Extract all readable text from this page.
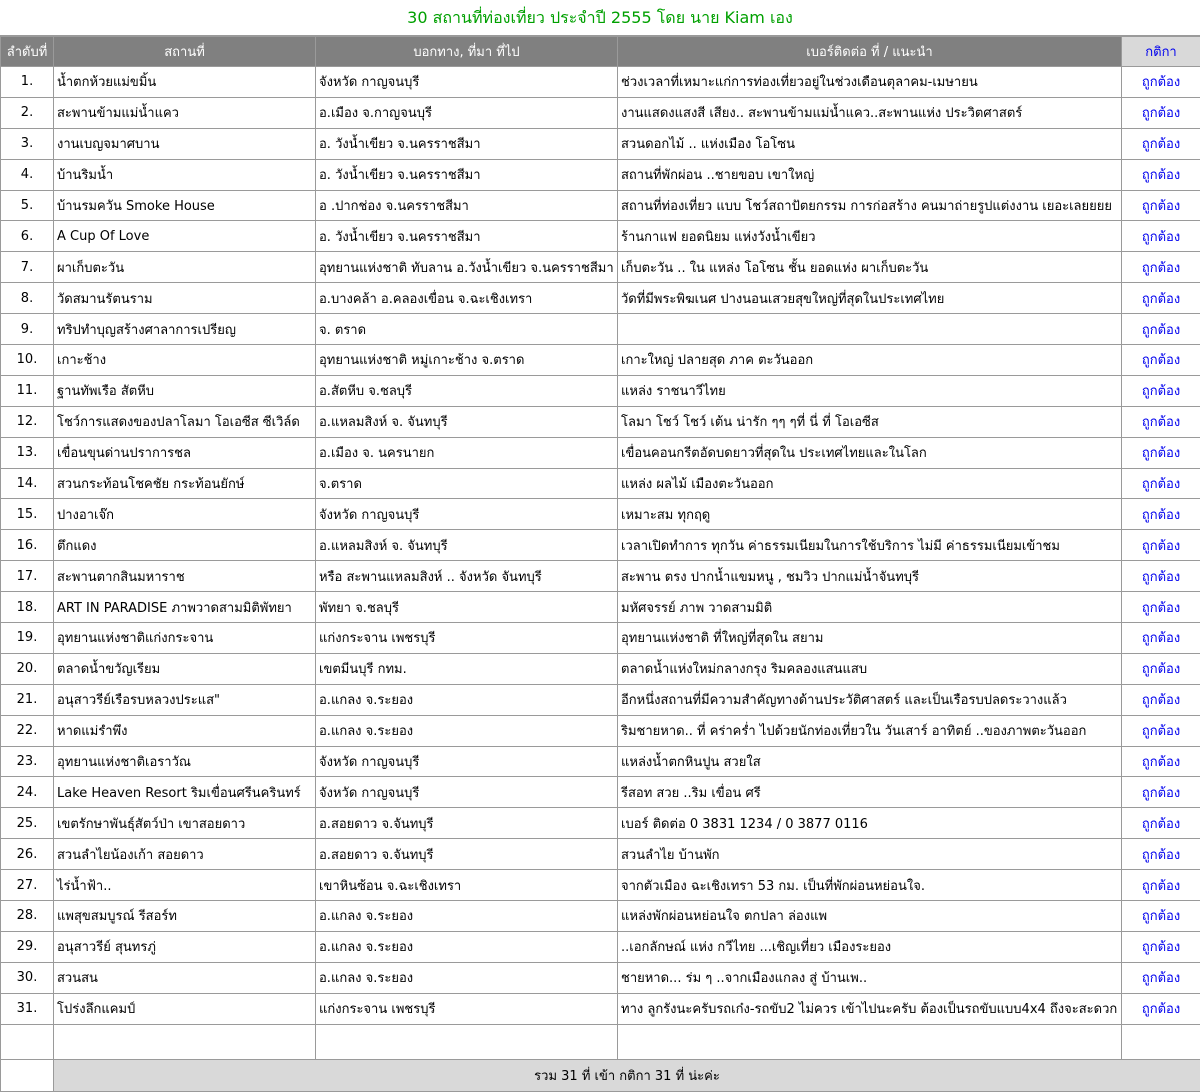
30 สถานที่ท่องเที่ยว ประจำปี 2555 โดย นาย Kiam เอง
ลำดับที่	สถานที่	บอกทาง, ที่มา ที่ไป	เบอร์ติดต่อ ที่ / แนะนำ	กติกา
1.	น้ำตกห้วยแม่ขมิ้น	จังหวัด กาญจนบุรี	ช่วงเวลาที่เหมาะแก่การท่องเที่ยวอยู่ในช่วงเดือนตุลาคม-เมษายน	ถูกต้อง
2.	สะพานข้ามแม่น้ำแคว	อ.เมือง จ.กาญจนบุรี	งานแสดงแสงสี เสียง.. สะพานข้ามแม่น้ำแคว..สะพานแห่ง ประวิตศาสตร์	ถูกต้อง
3.	งานเบญจมาศบาน	อ. วังน้ำเขียว จ.นครราชสีมา	สวนดอกไม้ .. แห่งเมือง โอโซน	ถูกต้อง
4.	บ้านริมน้ำ	อ. วังน้ำเขียว จ.นครราชสีมา	สถานที่พักผ่อน ..ชายขอบ เขาใหญ่	ถูกต้อง
5.	บ้านรมควัน Smoke House	อ .ปากช่อง จ.นครราชสีมา	สถานที่ท่องเที่ยว แบบ โชว์สถาปัตยกรรม การก่อสร้าง คนมาถ่ายรูปแต่งงาน เยอะเลยยยย	ถูกต้อง
6.	A Cup Of Love	อ. วังน้ำเขียว จ.นครราชสีมา	ร้านกาแฟ ยอดนิยม แห่งวังน้ำเขียว	ถูกต้อง
7.	ผาเก็บตะวัน	อุทยานแห่งชาติ ทับลาน อ.วังน้ำเขียว จ.นครราชสีมา	เก็บตะวัน .. ใน แหล่ง โอโซน ชั้น ยอดแห่ง ผาเก็บตะวัน	ถูกต้อง
8.	วัดสมานรัตนราม	อ.บางคล้า อ.คลองเขื่อน จ.ฉะเชิงเทรา	วัดที่มีพระพิฆเนศ ปางนอนเสวยสุขใหญ่ที่สุดในประเทศไทย	ถูกต้อง
9.	ทริปทำบุญสร้างศาลาการเปรียญ	จ. ตราด		ถูกต้อง
10.	เกาะช้าง	อุทยานแห่งชาติ หมู่เกาะช้าง จ.ตราด	เกาะใหญ่ ปลายสุด ภาค ตะวันออก	ถูกต้อง
11.	ฐานทัพเรือ สัตหีบ	อ.สัตหีบ จ.ชลบุรี	แหล่ง ราชนาวีไทย	ถูกต้อง
12.	โชว์การแสดงของปลาโลมา โอเอซีส ซีเวิล์ด	อ.แหลมสิงห์ จ. จันทบุรี	โลมา โชว์ โชว์ เต้น น่ารัก ๆๆ ๆที่ นี่ ที่ โอเอซีส	ถูกต้อง
13.	เขื่อนขุนด่านปราการชล	อ.เมือง จ. นครนายก	เขื่อนคอนกรีตอัดบดยาวที่สุดใน ประเทศไทยและในโลก	ถูกต้อง
14.	สวนกระท้อนโชคชัย กระท้อนยักษ์	จ.ตราด	แหล่ง ผลไม้ เมืองตะวันออก	ถูกต้อง
15.	ปางอาเจ๊ก	จังหวัด กาญจนบุรี	เหมาะสม ทุกฤดู	ถูกต้อง
16.	ตึกแดง	อ.แหลมสิงห์ จ. จันทบุรี	เวลาเปิดทำการ ทุกวัน ค่าธรรมเนียมในการใช้บริการ ไม่มี ค่าธรรมเนียมเข้าชม	ถูกต้อง
17.	สะพานตากสินมหาราช	หรือ สะพานแหลมสิงห์ .. จังหวัด จันทบุรี	สะพาน ตรง ปากน้ำแขมหนู , ชมวิว ปากแม่น้ำจันทบุรี	ถูกต้อง
18.	ART IN PARADISE ภาพวาดสามมิติพัทยา	พัทยา จ.ชลบุรี	มหัศจรรย์ ภาพ วาดสามมิติ	ถูกต้อง
19.	อุทยานแห่งชาติแก่งกระจาน	แก่งกระจาน เพชรบุรี	อุทยานแห่งชาติ ที่ใหญ่ที่สุดใน สยาม	ถูกต้อง
20.	ตลาดน้ำขวัญเรียม	เขตมีนบุรี กทม.	ตลาดน้ำแห่งใหม่กลางกรุง ริมคลองแสนแสบ	ถูกต้อง
21.	อนุสาวรีย์เรือรบหลวงประแส"	อ.แกลง จ.ระยอง	อีกหนึ่งสถานที่มีความสำคัญทางด้านประวัติศาสตร์ และเป็นเรือรบปลดระวางแล้ว	ถูกต้อง
22.	หาดแม่รำพึง	อ.แกลง จ.ระยอง	ริมชายหาด.. ที่ คร่าคร่ำ ไปด้วยนักท่องเที่ยวใน วันเสาร์ อาทิตย์ ..ของภาพตะวันออก	ถูกต้อง
23.	อุทยานแห่งชาติเอราวัณ	จังหวัด กาญจนบุรี	แหล่งน้ำตกหินปูน สวยใส	ถูกต้อง
24.	Lake Heaven Resort ริมเขื่อนศรีนครินทร์	จังหวัด กาญจนบุรี	รีสอท สวย ..ริม เขื่อน ศรี	ถูกต้อง
25.	เขตรักษาพันธุ์สัตว์ป่า เขาสอยดาว	อ.สอยดาว จ.จันทบุรี	เบอร์ ติดต่อ 0 3831 1234 / 0 3877 0116	ถูกต้อง
26.	สวนลำไยน้องเก้า สอยดาว	อ.สอยดาว จ.จันทบุรี	สวนลำไย บ้านพัก	ถูกต้อง
27.	ไร่น้ำฟ้า..	เขาหินซ้อน จ.ฉะเชิงเทรา	จากตัวเมือง ฉะเชิงเทรา 53 กม. เป็นที่พักผ่อนหย่อนใจ.	ถูกต้อง
28.	แพสุขสมบูรณ์ รีสอร์ท	อ.แกลง จ.ระยอง	แหล่งพักผ่อนหย่อนใจ ตกปลา ล่องแพ	ถูกต้อง
29.	อนุสาวรีย์ สุนทรภู่	อ.แกลง จ.ระยอง	..เอกลักษณ์ แห่ง กวีไทย ...เชิญเที่ยว เมืองระยอง	ถูกต้อง
30.	สวนสน	อ.แกลง จ.ระยอง	ชายหาด... ร่ม ๆ ..จากเมืองแกลง สู่ บ้านเพ..	ถูกต้อง
31.	โปร่งลึกแคมป์	แก่งกระจาน เพชรบุรี	ทาง ลูกรังนะครับรถเก๋ง-รถขับ2 ไม่ควร เข้าไปนะครับ ต้องเป็นรถขับแบบ4x4 ถึงจะสะดวก	ถูกต้อง

	รวม 31 ที่ เข้า กติกา 31 ที่ น่ะค่ะ			
